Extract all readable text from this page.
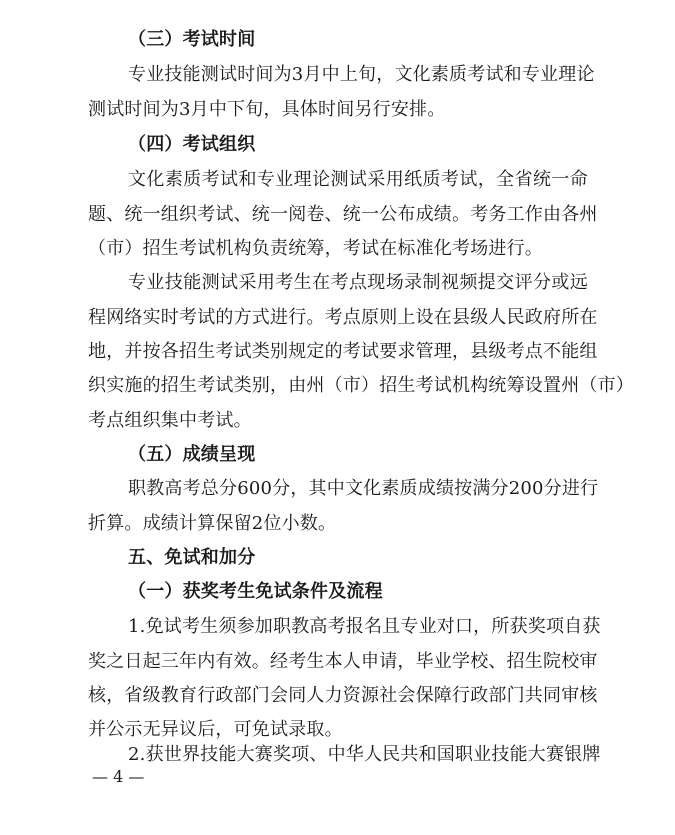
（三）考试时间
专业技能测试时间为3月中上旬，文化素质考试和专业理论
测试时间为3月中下旬，具体时间另行安排。
（四）考试组织
文化素质考试和专业理论测试采用纸质考试，全省统一命
题、统一组织考试、统一阅卷、统一公布成绩。考务工作由各州
（市）招生考试机构负责统筹，考试在标准化考场进行。
专业技能测试采用考生在考点现场录制视频提交评分或远
程网络实时考试的方式进行。考点原则上设在县级人民政府所在
地，并按各招生考试类别规定的考试要求管理，县级考点不能组
织实施的招生考试类别，由州（市）招生考试机构统筹设置州（市）
考点组织集中考试。
（五）成绩呈现
职教高考总分600分，其中文化素质成绩按满分200分进行
折算。成绩计算保留2位小数。
五、免试和加分
（一）获奖考生免试条件及流程
1.免试考生须参加职教高考报名且专业对口，所获奖项自获
奖之日起三年内有效。经考生本人申请，毕业学校、招生院校审
核，省级教育行政部门会同人力资源社会保障行政部门共同审核
并公示无异议后，可免试录取。
2.获世界技能大赛奖项、中华人民共和国职业技能大赛银牌
— 4 —
